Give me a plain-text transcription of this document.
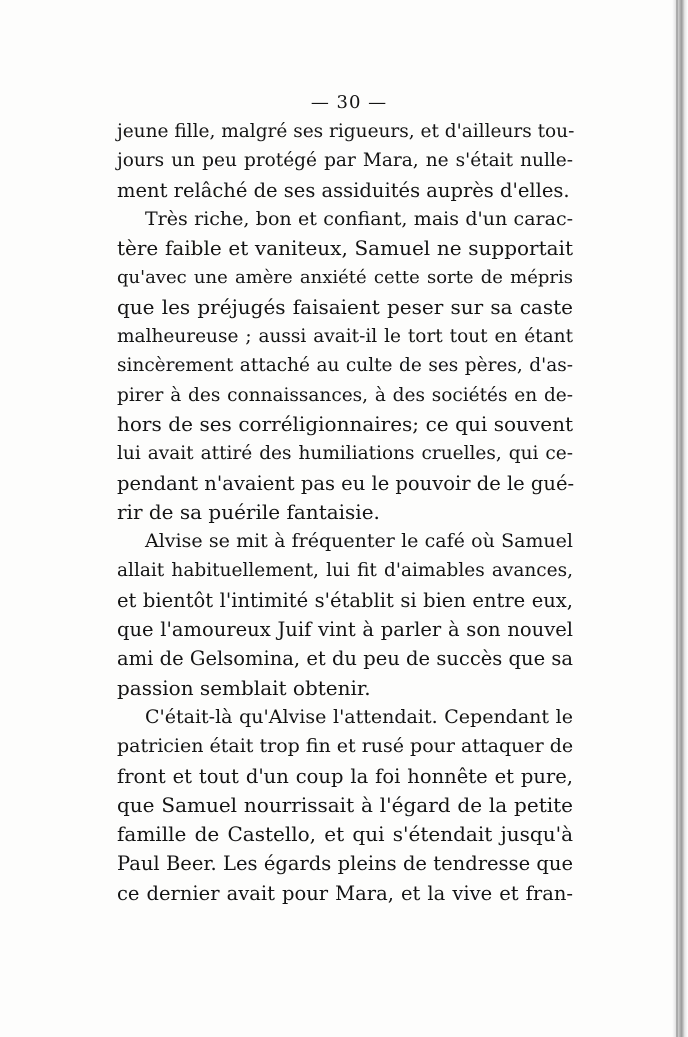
— 30 —
jeune fille, malgré ses rigueurs, et d'ailleurs tou-
jours un peu protégé par Mara, ne s'était nulle-
ment relâché de ses assiduités auprès d'elles.
Très riche, bon et confiant, mais d'un carac-
tère faible et vaniteux, Samuel ne supportait
qu'avec une amère anxiété cette sorte de mépris
que les préjugés faisaient peser sur sa caste
malheureuse ; aussi avait-il le tort tout en étant
sincèrement attaché au culte de ses pères, d'as-
pirer à des connaissances, à des sociétés en de-
hors de ses corréligionnaires; ce qui souvent
lui avait attiré des humiliations cruelles, qui ce-
pendant n'avaient pas eu le pouvoir de le gué-
rir de sa puérile fantaisie.
Alvise se mit à fréquenter le café où Samuel
allait habituellement, lui fit d'aimables avances,
et bientôt l'intimité s'établit si bien entre eux,
que l'amoureux Juif vint à parler à son nouvel
ami de Gelsomina, et du peu de succès que sa
passion semblait obtenir.
C'était-là qu'Alvise l'attendait. Cependant le
patricien était trop fin et rusé pour attaquer de
front et tout d'un coup la foi honnête et pure,
que Samuel nourrissait à l'égard de la petite
famille de Castello, et qui s'étendait jusqu'à
Paul Beer. Les égards pleins de tendresse que
ce dernier avait pour Mara, et la vive et fran-
